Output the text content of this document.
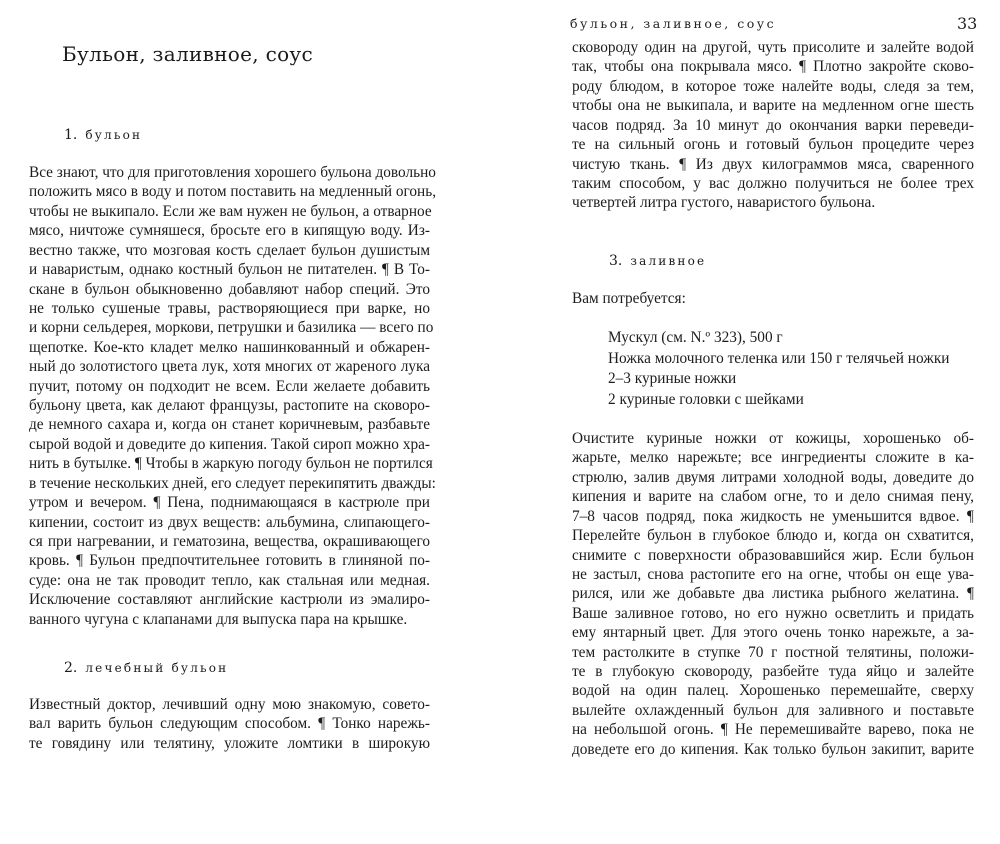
Бульон, заливное, соус
1. бульон
Все знают, что для приготовления хорошего бульона довольно
положить мясо в воду и потом поставить на медленный огонь,
чтобы не выкипало. Если же вам нужен не бульон, а отварное
мясо, ничтоже сумняшеся, бросьте его в кипящую воду. Из-
вестно также, что мозговая кость сделает бульон душистым
и наваристым, однако костный бульон не питателен. ¶ В То-
скане в бульон обыкновенно добавляют набор специй. Это
не только сушеные травы, растворяющиеся при варке, но
и корни сельдерея, моркови, петрушки и базилика — всего по
щепотке. Кое-кто кладет мелко нашинкованный и обжарен-
ный до золотистого цвета лук, хотя многих от жареного лука
пучит, потому он подходит не всем. Если желаете добавить
бульону цвета, как делают французы, растопите на сковоро-
де немного сахара и, когда он станет коричневым, разбавьте
сырой водой и доведите до кипения. Такой сироп можно хра-
нить в бутылке. ¶ Чтобы в жаркую погоду бульон не портился
в течение нескольких дней, его следует перекипятить дважды:
утром и вечером. ¶ Пена, поднимающаяся в кастрюле при
кипении, состоит из двух веществ: альбумина, слипающего-
ся при нагревании, и гематозина, вещества, окрашивающего
кровь. ¶ Бульон предпочтительнее готовить в глиняной по-
суде: она не так проводит тепло, как стальная или медная.
Исключение составляют английские кастрюли из эмалиро-
ванного чугуна с клапанами для выпуска пара на крышке.
2. лечебный бульон
Известный доктор, лечивший одну мою знакомую, совето-
вал варить бульон следующим способом. ¶ Тонко нарежь-
те говядину или телятину, уложите ломтики в широкую
бульон, заливное, соус	33
сковороду один на другой, чуть присолите и залейте водой
так, чтобы она покрывала мясо. ¶ Плотно закройте сково-
роду блюдом, в которое тоже налейте воды, следя за тем,
чтобы она не выкипала, и варите на медленном огне шесть
часов подряд. За 10 минут до окончания варки переведи-
те на сильный огонь и готовый бульон процедите через
чистую ткань. ¶ Из двух килограммов мяса, сваренного
таким способом, у вас должно получиться не более трех
четвертей литра густого, наваристого бульона.
3. заливное

Вам потребуется:

Мускул (см. N.º 323), 500 г
Ножка молочного теленка или 150 г телячьей ножки
2–3 куриные ножки
2 куриные головки с шейками
Очистите куриные ножки от кожицы, хорошенько об-
жарьте, мелко нарежьте; все ингредиенты сложите в ка-
стрюлю, залив двумя литрами холодной воды, доведите до
кипения и варите на слабом огне, то и дело снимая пену,
7–8 часов подряд, пока жидкость не уменьшится вдвое. ¶
Перелейте бульон в глубокое блюдо и, когда он схватится,
снимите с поверхности образовавшийся жир. Если бульон
не застыл, снова растопите его на огне, чтобы он еще ува-
рился, или же добавьте два листика рыбного желатина. ¶
Ваше заливное готово, но его нужно осветлить и придать
ему янтарный цвет. Для этого очень тонко нарежьте, а за-
тем растолките в ступке 70 г постной телятины, положи-
те в глубокую сковороду, разбейте туда яйцо и залейте
водой на один палец. Хорошенько перемешайте, сверху
вылейте охлажденный бульон для заливного и поставьте
на небольшой огонь. ¶ Не перемешивайте варево, пока не
доведете его до кипения. Как только бульон закипит, варите
